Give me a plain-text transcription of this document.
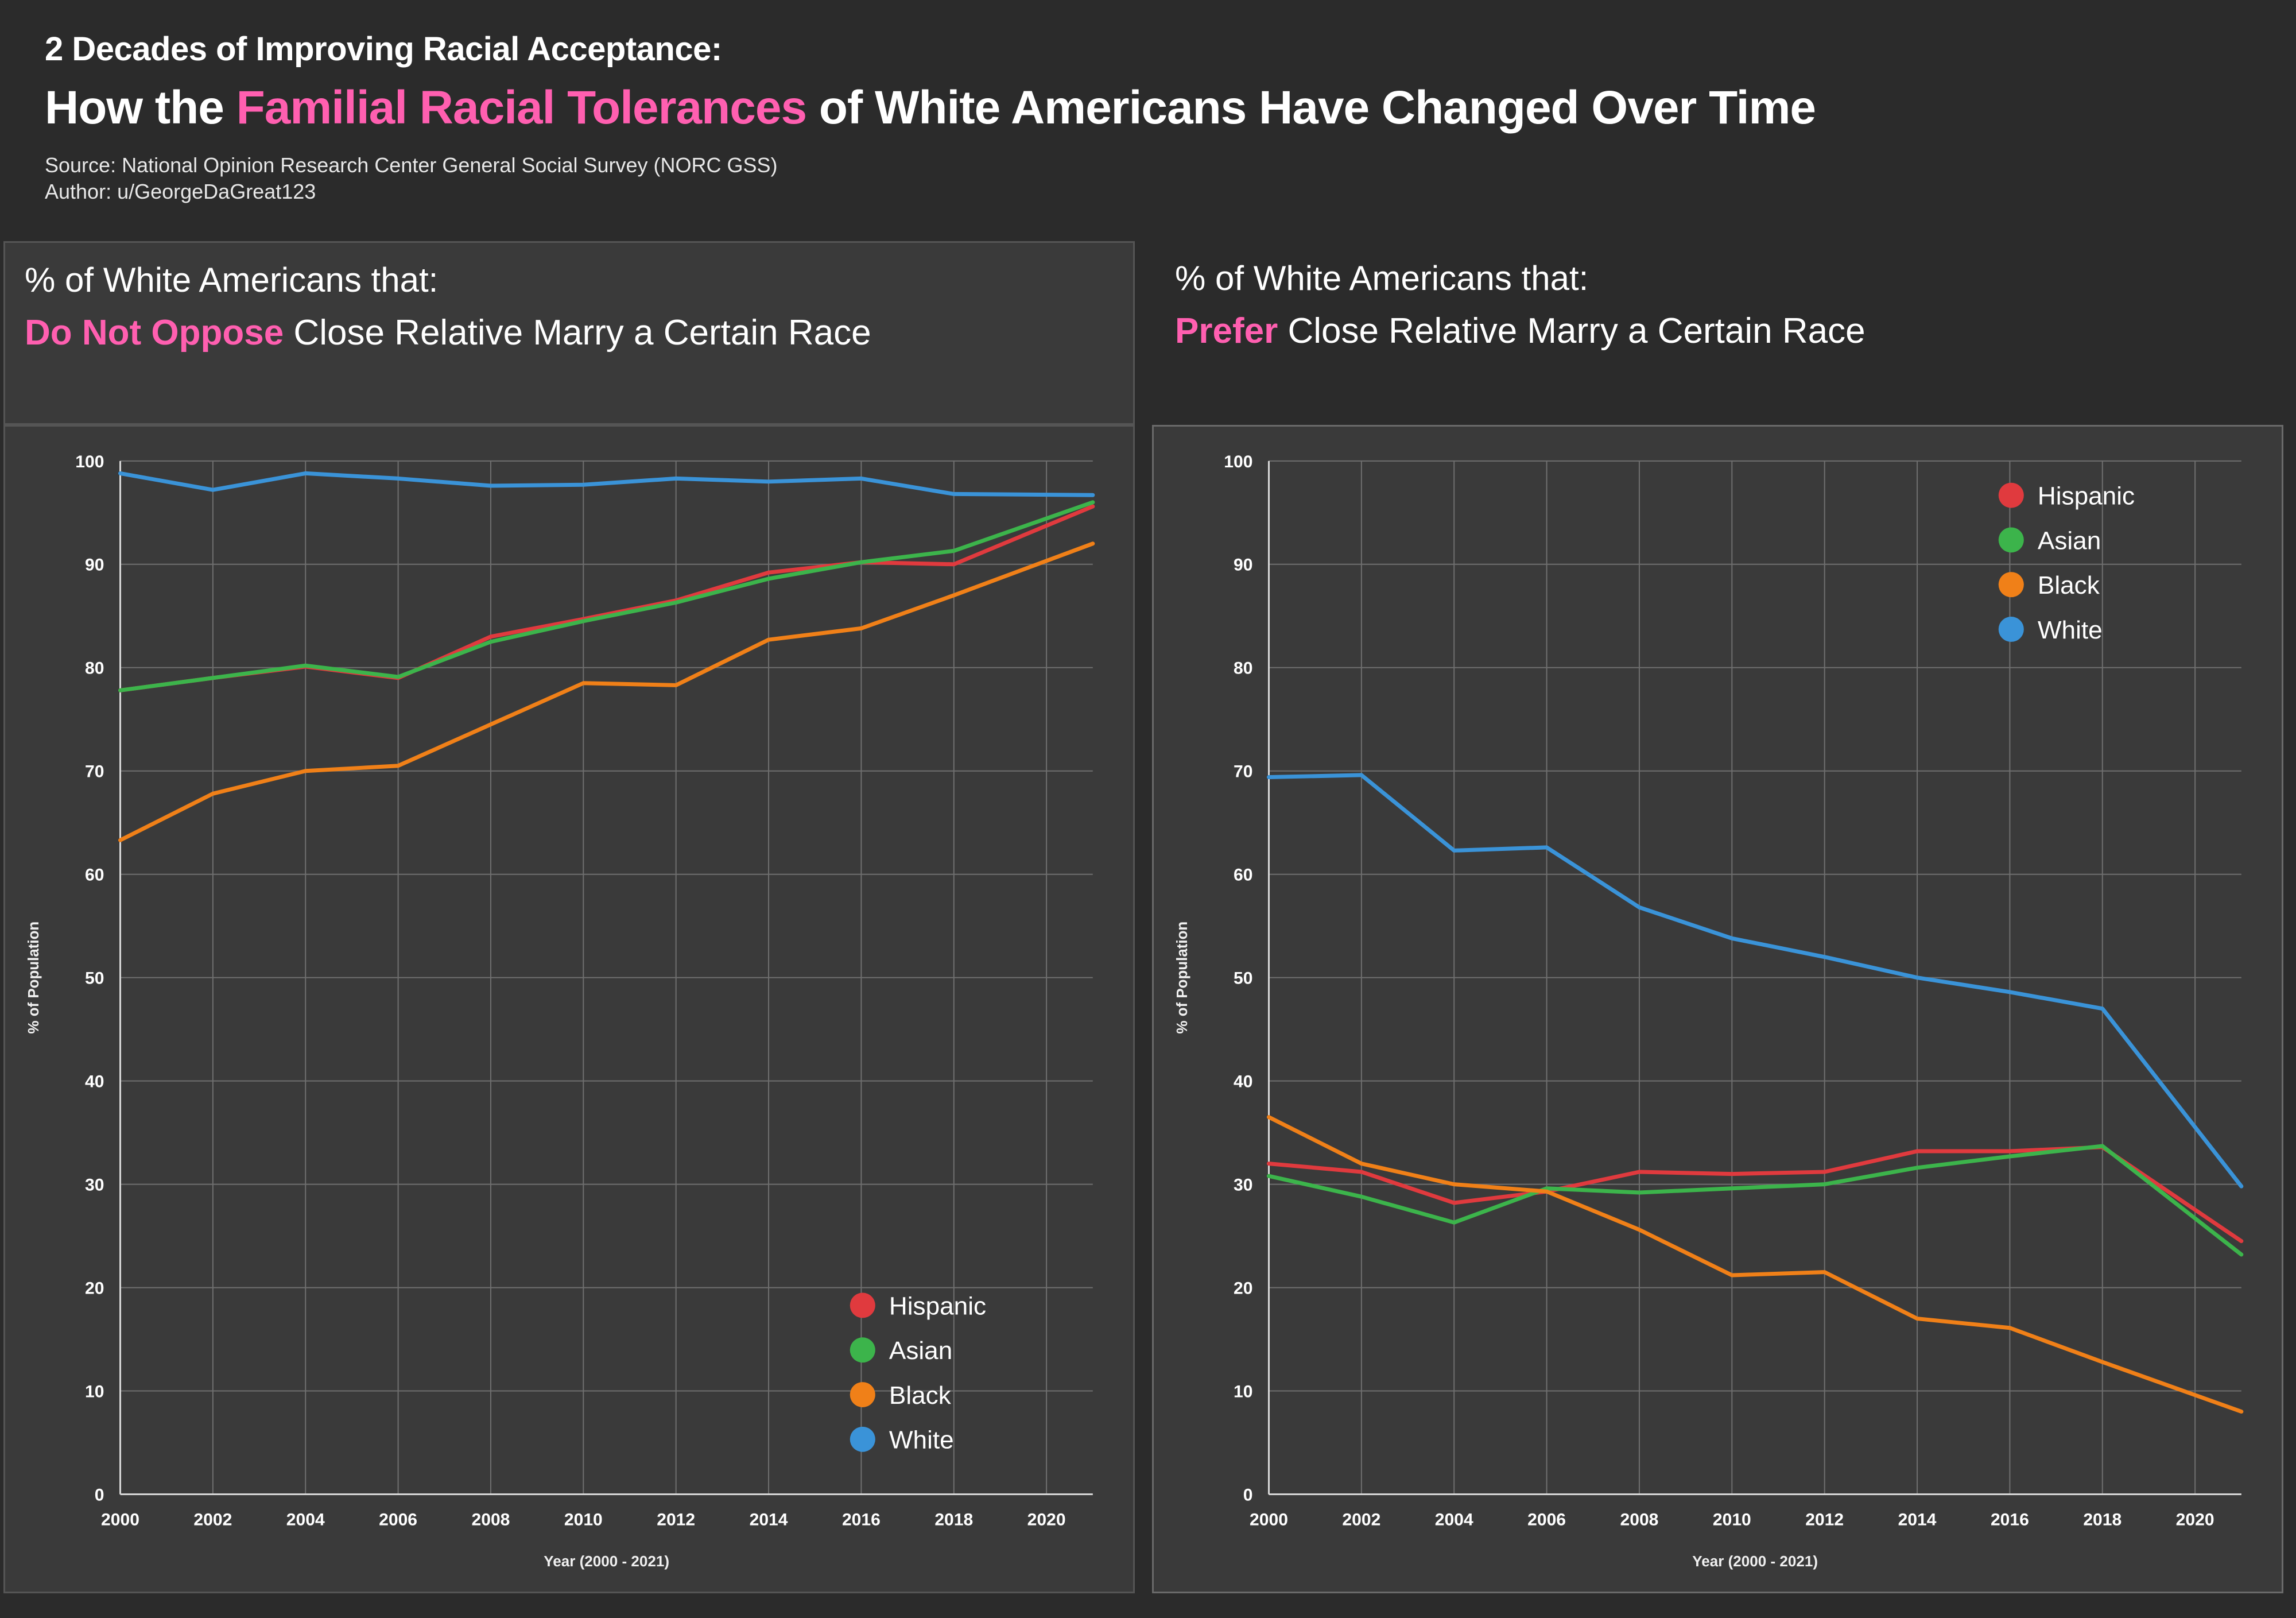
2 Decades of Improving Racial Acceptance:
How the Familial Racial Tolerances of White Americans Have Changed Over Time
Source: National Opinion Research Center General Social Survey (NORC GSS)
Author: u/GeorgeDaGreat123
% of White Americans that:
Do Not Oppose Close Relative Marry a Certain Race
0
10
20
30
40
50
60
70
80
90
100
2000	2002	2004	2006	2008	2010	2012	2014	2016	2018	2020
Year (2000 - 2021)
% of Population
Hispanic
Asian
Black
White
% of White Americans that:
Prefer Close Relative Marry a Certain Race
0
10
20
30
40
50
60
70
80
90
100
2000	2002	2004	2006	2008	2010	2012	2014	2016	2018	2020
Year (2000 - 2021)
% of Population
Hispanic
Asian
Black
White
